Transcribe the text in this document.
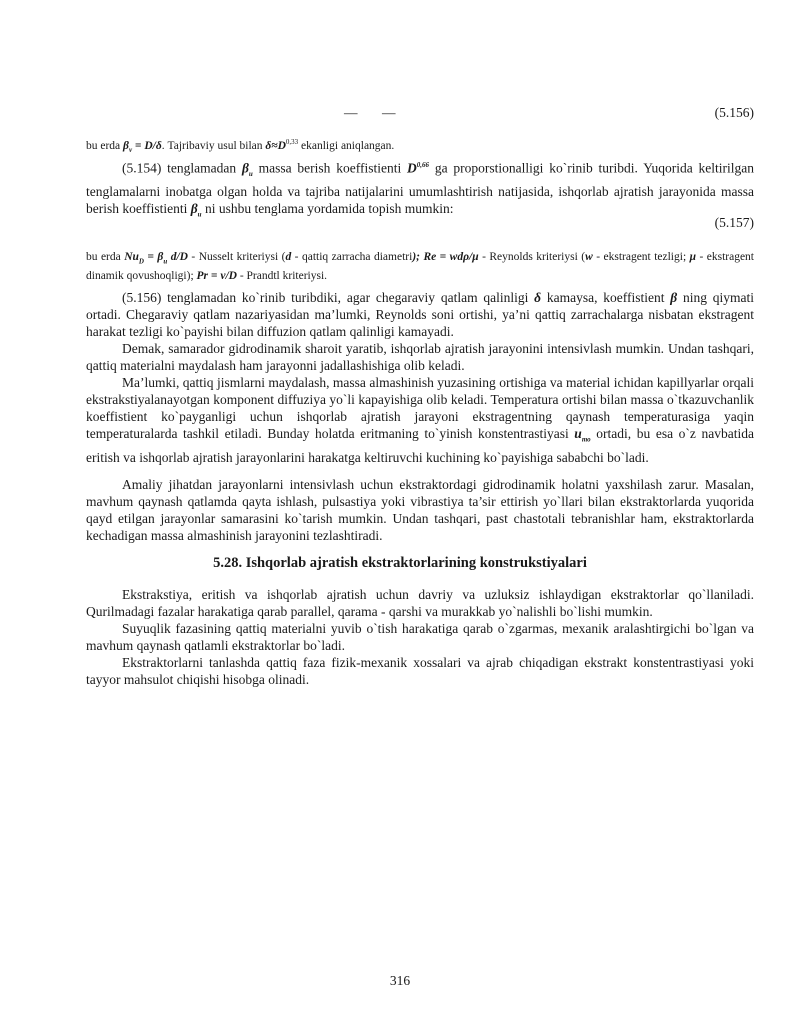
— —	(5.156)
bu erda $\beta_\nu = D/\delta$. Tajribaviy usul bilan $\delta\approx D^{0,33}$ ekanligi aniqlangan.

(5.154) tenglamadan $\beta_u$ massa berish koeffistienti D$^{0,66}$ ga proporstionalligi ko`rinib turibdi. Yuqorida keltirilgan tenglamalarni inobatga olgan holda va tajriba natijalarini umumlashtirish natijasida, ishqorlab ajratish jarayonida massa berish koeffistienti $\beta_u$ ni ushbu tenglama yordamida topish mumkin:

(5.157)
bu erda $Nu_D = \beta_u$ d/D - Nusselt kriteriysi (d - qattiq zarracha diametri); Re = wdρ/μ - Reynolds kriteriysi (w - ekstragent tezligi; μ - ekstragent dinamik qovushoqligi); Pr = ν/D - Prandtl kriteriysi.

(5.156) tenglamadan ko`rinib turibdiki, agar chegaraviy qatlam qalinligi δ kamaysa, koeffistient β ning qiymati ortadi. Chegaraviy qatlam nazariyasidan ma’lumki, Reynolds soni ortishi, ya’ni qattiq zarrachalarga nisbatan ekstragent harakat tezligi ko`payishi bilan diffuzion qatlam qalinligi kamayadi.

Demak, samarador gidrodinamik sharoit yaratib, ishqorlab ajratish jarayonini intensivlash mumkin. Undan tashqari, qattiq materialni maydalash ham jarayonni jadallashishiga olib keladi.

Ma’lumki, qattiq jismlarni maydalash, massa almashinish yuzasining ortishiga va material ichidan kapillyarlar orqali ekstrakstiyalanayotgan komponent diffuziya yo`li kapayishiga olib keladi. Temperatura ortishi bilan massa o`tkazuvchanlik koeffistient ko`payganligi uchun ishqorlab ajratish jarayoni ekstragentning qaynash temperaturasiga yaqin temperaturalarda tashkil etiladi. Bunday holatda eritmaning to`yinish konstentrastiyasi $u_{то}$ ortadi, bu esa o`z navbatida eritish va ishqorlab ajratish jarayonlarini harakatga keltiruvchi kuchining ko`payishiga sababchi bo`ladi.

Amaliy jihatdan jarayonlarni intensivlash uchun ekstraktordagi gidrodinamik holatni yaxshilash zarur. Masalan, mavhum qaynash qatlamda qayta ishlash, pulsastiya yoki vibrastiya ta’sir ettirish yo`llari bilan ekstraktorlarda yuqorida qayd etilgan jarayonlar samarasini ko`tarish mumkin. Undan tashqari, past chastotali tebranishlar ham, ekstraktorlarda kechadigan massa almashinish jarayonini tezlashtiradi.

5.28. Ishqorlab ajratish ekstraktorlarining konstrukstiyalari

Ekstrakstiya, eritish va ishqorlab ajratish uchun davriy va uzluksiz ishlaydigan ekstraktorlar qo`llaniladi. Qurilmadagi fazalar harakatiga qarab parallel, qarama - qarshi va murakkab yo`nalishli bo`lishi mumkin.

Suyuqlik fazasining qattiq materialni yuvib o`tish harakatiga qarab o`zgarmas, mexanik aralashtirgichi bo`lgan va mavhum qaynash qatlamli ekstraktorlar bo`ladi.

Ekstraktorlarni tanlashda qattiq faza fizik-mexanik xossalari va ajrab chiqadigan ekstrakt konstentrastiyasi yoki tayyor mahsulot chiqishi hisobga olinadi.

316
